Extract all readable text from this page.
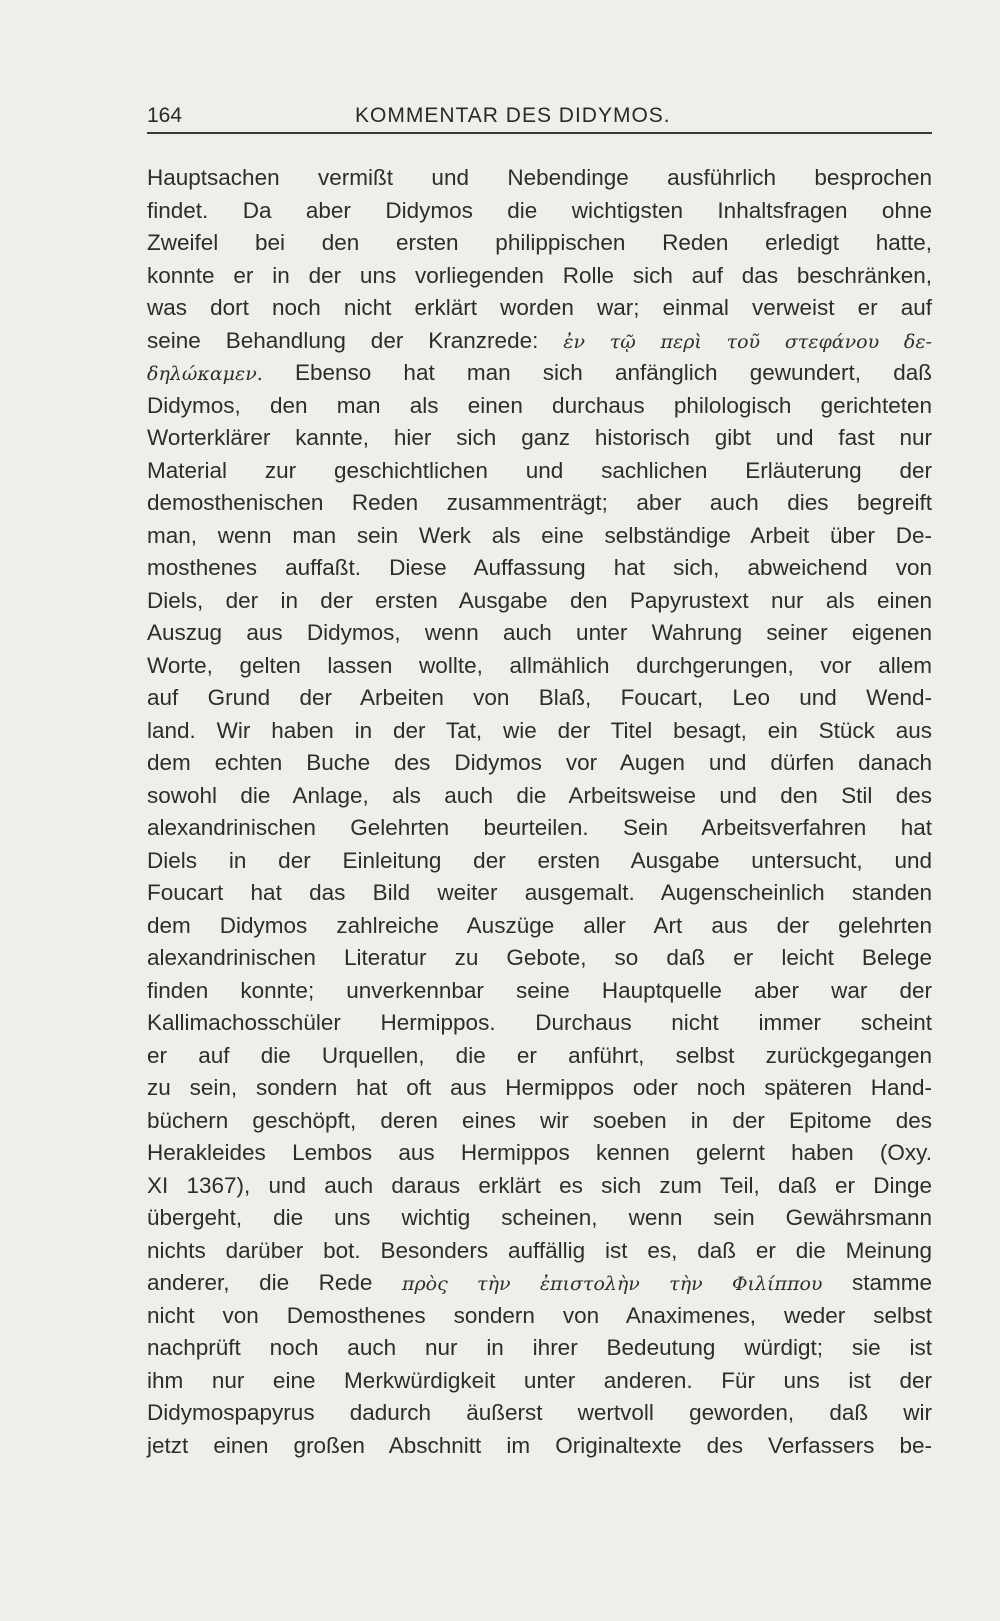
164	KOMMENTAR DES DIDYMOS.
Hauptsachen vermißt und Nebendinge ausführlich besprochen
findet. Da aber Didymos die wichtigsten Inhaltsfragen ohne
Zweifel bei den ersten philippischen Reden erledigt hatte,
konnte er in der uns vorliegenden Rolle sich auf das beschränken,
was dort noch nicht erklärt worden war; einmal verweist er auf
seine Behandlung der Kranzrede: ἐν τῷ περὶ τοῦ στεφάνου δε-
δηλώκαμεν. Ebenso hat man sich anfänglich gewundert, daß
Didymos, den man als einen durchaus philologisch gerichteten
Worterklärer kannte, hier sich ganz historisch gibt und fast nur
Material zur geschichtlichen und sachlichen Erläuterung der
demosthenischen Reden zusammenträgt; aber auch dies begreift
man, wenn man sein Werk als eine selbständige Arbeit über De-
mosthenes auffaßt. Diese Auffassung hat sich, abweichend von
Diels, der in der ersten Ausgabe den Papyrustext nur als einen
Auszug aus Didymos, wenn auch unter Wahrung seiner eigenen
Worte, gelten lassen wollte, allmählich durchgerungen, vor allem
auf Grund der Arbeiten von Blaß, Foucart, Leo und Wend-
land. Wir haben in der Tat, wie der Titel besagt, ein Stück aus
dem echten Buche des Didymos vor Augen und dürfen danach
sowohl die Anlage, als auch die Arbeitsweise und den Stil des
alexandrinischen Gelehrten beurteilen. Sein Arbeitsverfahren hat
Diels in der Einleitung der ersten Ausgabe untersucht, und
Foucart hat das Bild weiter ausgemalt. Augenscheinlich standen
dem Didymos zahlreiche Auszüge aller Art aus der gelehrten
alexandrinischen Literatur zu Gebote, so daß er leicht Belege
finden konnte; unverkennbar seine Hauptquelle aber war der
Kallimachosschüler Hermippos. Durchaus nicht immer scheint
er auf die Urquellen, die er anführt, selbst zurückgegangen
zu sein, sondern hat oft aus Hermippos oder noch späteren Hand-
büchern geschöpft, deren eines wir soeben in der Epitome des
Herakleides Lembos aus Hermippos kennen gelernt haben (Oxy.
XI 1367), und auch daraus erklärt es sich zum Teil, daß er Dinge
übergeht, die uns wichtig scheinen, wenn sein Gewährsmann
nichts darüber bot. Besonders auffällig ist es, daß er die Meinung
anderer, die Rede πρὸς τὴν ἐπιστολὴν τὴν Φιλίππου stamme
nicht von Demosthenes sondern von Anaximenes, weder selbst
nachprüft noch auch nur in ihrer Bedeutung würdigt; sie ist
ihm nur eine Merkwürdigkeit unter anderen. Für uns ist der
Didymospapyrus dadurch äußerst wertvoll geworden, daß wir
jetzt einen großen Abschnitt im Originaltexte des Verfassers be-
